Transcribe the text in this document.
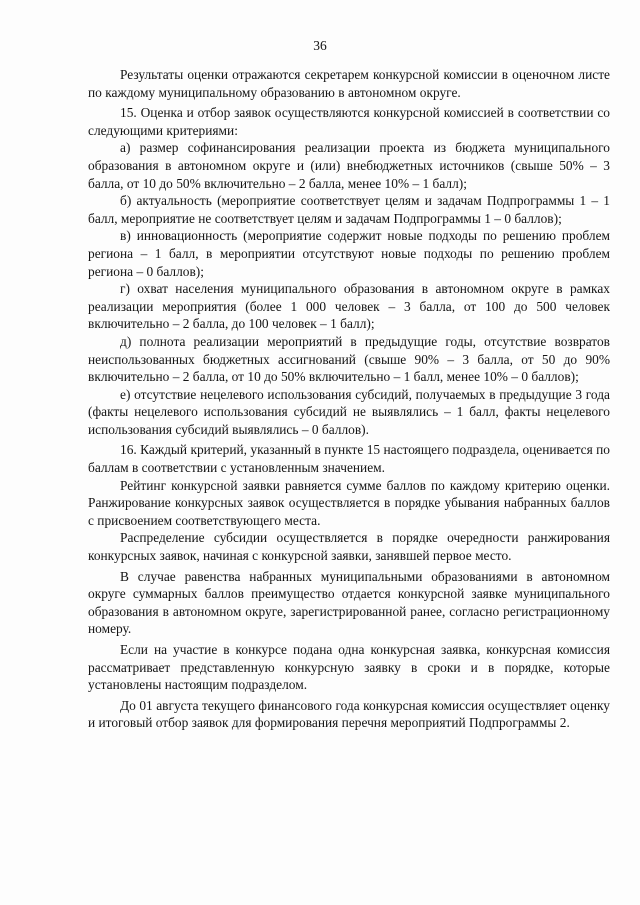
36

Результаты оценки отражаются секретарем конкурсной комиссии в оценочном листе по каждому муниципальному образованию в автономном округе.

15. Оценка и отбор заявок осуществляются конкурсной комиссией в соответствии со следующими критериями:

а) размер софинансирования реализации проекта из бюджета муниципального образования в автономном округе и (или) внебюджетных источников (свыше 50% – 3 балла, от 10 до 50% включительно – 2 балла, менее 10% – 1 балл);

б) актуальность (мероприятие соответствует целям и задачам Подпрограммы 1 – 1 балл, мероприятие не соответствует целям и задачам Подпрограммы 1 – 0 баллов);

в) инновационность (мероприятие содержит новые подходы по решению проблем региона – 1 балл, в мероприятии отсутствуют новые подходы по решению проблем региона – 0 баллов);

г) охват населения муниципального образования в автономном округе в рамках реализации мероприятия (более 1 000 человек – 3 балла, от 100 до 500 человек включительно – 2 балла, до 100 человек – 1 балл);

д) полнота реализации мероприятий в предыдущие годы, отсутствие возвратов неиспользованных бюджетных ассигнований (свыше 90% – 3 балла, от 50 до 90% включительно – 2 балла, от 10 до 50% включительно – 1 балл, менее 10% – 0 баллов);

е) отсутствие нецелевого использования субсидий, получаемых в предыдущие 3 года (факты нецелевого использования субсидий не выявлялись – 1 балл, факты нецелевого использования субсидий выявлялись – 0 баллов).

16. Каждый критерий, указанный в пункте 15 настоящего подраздела, оценивается по баллам в соответствии с установленным значением.

Рейтинг конкурсной заявки равняется сумме баллов по каждому критерию оценки. Ранжирование конкурсных заявок осуществляется в порядке убывания набранных баллов с присвоением соответствующего места.

Распределение субсидии осуществляется в порядке очередности ранжирования конкурсных заявок, начиная с конкурсной заявки, занявшей первое место.

В случае равенства набранных муниципальными образованиями в автономном округе суммарных баллов преимущество отдается конкурсной заявке муниципального образования в автономном округе, зарегистрированной ранее, согласно регистрационному номеру.

Если на участие в конкурсе подана одна конкурсная заявка, конкурсная комиссия рассматривает представленную конкурсную заявку в сроки и в порядке, которые установлены настоящим подразделом.

До 01 августа текущего финансового года конкурсная комиссия осуществляет оценку и итоговый отбор заявок для формирования перечня мероприятий Подпрограммы 2.
